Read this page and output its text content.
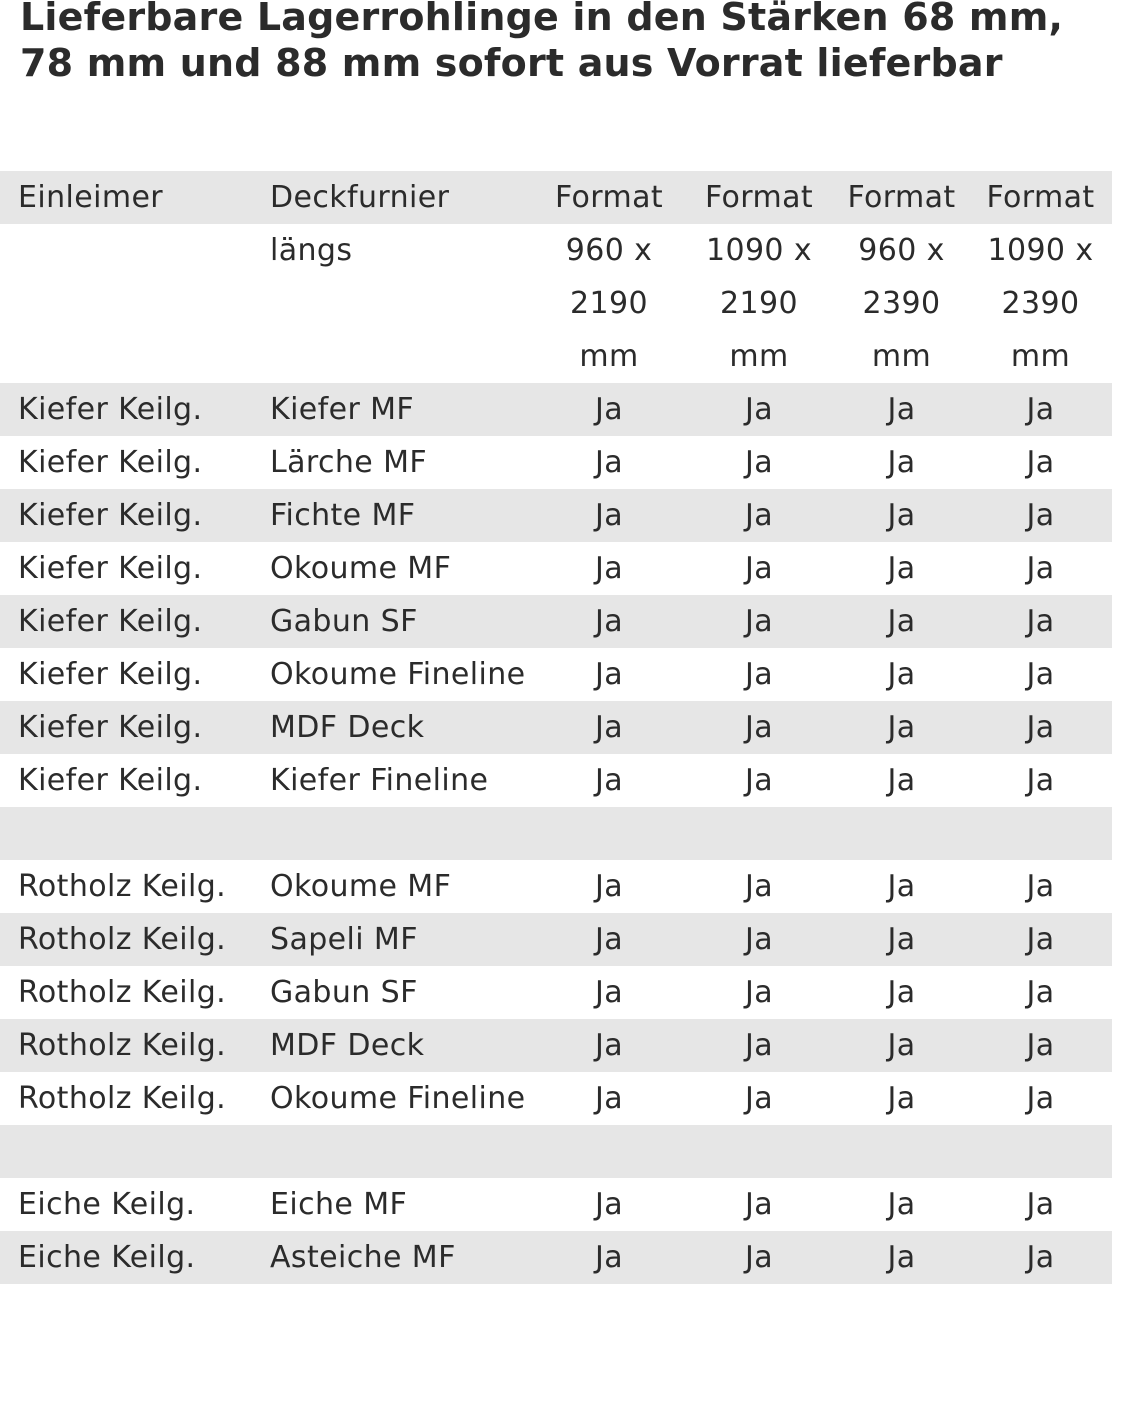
Lieferbare Lagerrohlinge in den Stärken 68 mm,
78 mm und 88 mm sofort aus Vorrat lieferbar
Einleimer	Deckfurnier	Format	Format	Format	Format

	längs	960 x
2190
mm	1090 x
2190
mm	960 x
2390
mm	1090 x
2390
mm

Kiefer Keilg.	Kiefer MF	Ja	Ja	Ja	Ja
Kiefer Keilg.	Lärche MF	Ja	Ja	Ja	Ja
Kiefer Keilg.	Fichte MF	Ja	Ja	Ja	Ja
Kiefer Keilg.	Okoume MF	Ja	Ja	Ja	Ja
Kiefer Keilg.	Gabun SF	Ja	Ja	Ja	Ja
Kiefer Keilg.	Okoume Fineline	Ja	Ja	Ja	Ja
Kiefer Keilg.	MDF Deck	Ja	Ja	Ja	Ja
Kiefer Keilg.	Kiefer Fineline	Ja	Ja	Ja	Ja

Rotholz Keilg.	Okoume MF	Ja	Ja	Ja	Ja
Rotholz Keilg.	Sapeli MF	Ja	Ja	Ja	Ja
Rotholz Keilg.	Gabun SF	Ja	Ja	Ja	Ja
Rotholz Keilg.	MDF Deck	Ja	Ja	Ja	Ja
Rotholz Keilg.	Okoume Fineline	Ja	Ja	Ja	Ja

Eiche Keilg.	Eiche MF	Ja	Ja	Ja	Ja
Eiche Keilg.	Asteiche MF	Ja	Ja	Ja	Ja
